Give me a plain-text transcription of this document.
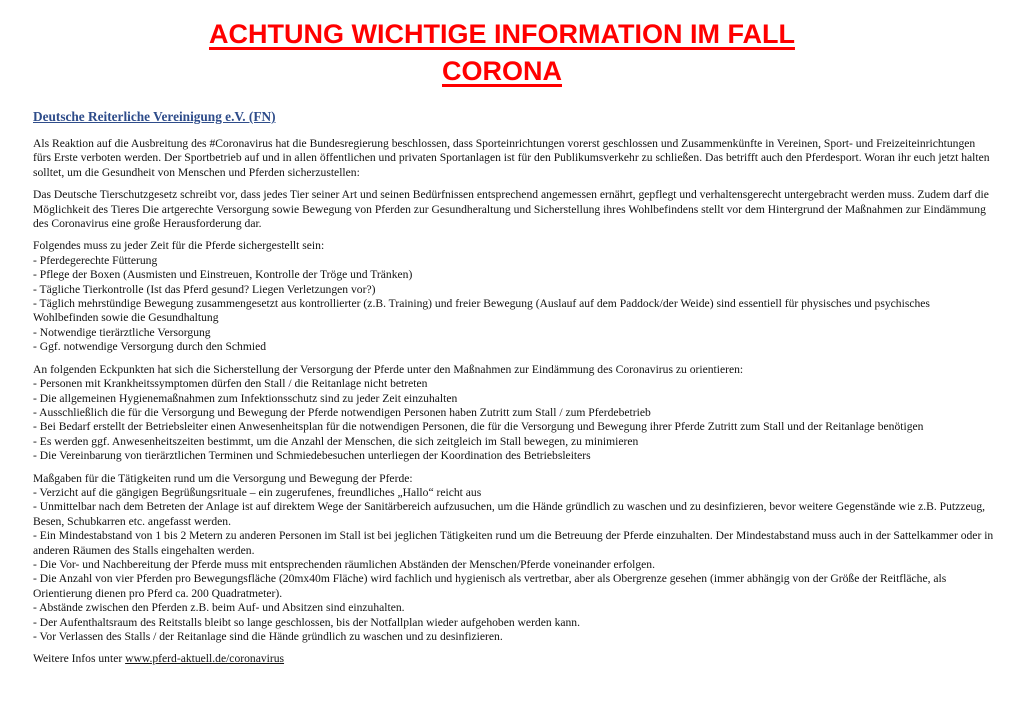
ACHTUNG WICHTIGE INFORMATION IM FALL
CORONA
Deutsche Reiterliche Vereinigung e.V. (FN)

Als Reaktion auf die Ausbreitung des #Coronavirus hat die Bundesregierung beschlossen, dass Sporteinrichtungen vorerst geschlossen und Zusammenkünfte in Vereinen, Sport- und Freizeiteinrichtungen fürs Erste verboten werden. Der Sportbetrieb auf und in allen öffentlichen und privaten Sportanlagen ist für den Publikumsverkehr zu schließen. Das betrifft auch den Pferdesport. Woran ihr euch jetzt halten solltet, um die Gesundheit von Menschen und Pferden sicherzustellen:

Das Deutsche Tierschutzgesetz schreibt vor, dass jedes Tier seiner Art und seinen Bedürfnissen entsprechend angemessen ernährt, gepflegt und verhaltensgerecht untergebracht werden muss. Zudem darf die Möglichkeit des Tieres Die artgerechte Versorgung sowie Bewegung von Pferden zur Gesundheraltung und Sicherstellung ihres Wohlbefindens stellt vor dem Hintergrund der Maßnahmen zur Eindämmung des Coronavirus eine große Herausforderung dar.

Folgendes muss zu jeder Zeit für die Pferde sichergestellt sein:
- Pferdegerechte Fütterung
- Pflege der Boxen (Ausmisten und Einstreuen, Kontrolle der Tröge und Tränken)
- Tägliche Tierkontrolle (Ist das Pferd gesund? Liegen Verletzungen vor?)
- Täglich mehrstündige Bewegung zusammengesetzt aus kontrollierter (z.B. Training) und freier Bewegung (Auslauf auf dem Paddock/der Weide) sind essentiell für physisches und psychisches Wohlbefinden sowie die Gesundhaltung
- Notwendige tierärztliche Versorgung
- Ggf. notwendige Versorgung durch den Schmied
An folgenden Eckpunkten hat sich die Sicherstellung der Versorgung der Pferde unter den Maßnahmen zur Eindämmung des Coronavirus zu orientieren:
- Personen mit Krankheitssymptomen dürfen den Stall / die Reitanlage nicht betreten
- Die allgemeinen Hygienemaßnahmen zum Infektionsschutz sind zu jeder Zeit einzuhalten
- Ausschließlich die für die Versorgung und Bewegung der Pferde notwendigen Personen haben Zutritt zum Stall / zum Pferdebetrieb
- Bei Bedarf erstellt der Betriebsleiter einen Anwesenheitsplan für die notwendigen Personen, die für die Versorgung und Bewegung ihrer Pferde Zutritt zum Stall und der Reitanlage benötigen
- Es werden ggf. Anwesenheitszeiten bestimmt, um die Anzahl der Menschen, die sich zeitgleich im Stall bewegen, zu minimieren
- Die Vereinbarung von tierärztlichen Terminen und Schmiedebesuchen unterliegen der Koordination des Betriebsleiters
Maßgaben für die Tätigkeiten rund um die Versorgung und Bewegung der Pferde:
- Verzicht auf die gängigen Begrüßungsrituale – ein zugerufenes, freundliches „Hallo“ reicht aus
- Unmittelbar nach dem Betreten der Anlage ist auf direktem Wege der Sanitärbereich aufzusuchen, um die Hände gründlich zu waschen und zu desinfizieren, bevor weitere Gegenstände wie z.B. Putzzeug, Besen, Schubkarren etc. angefasst werden.
- Ein Mindestabstand von 1 bis 2 Metern zu anderen Personen im Stall ist bei jeglichen Tätigkeiten rund um die Betreuung der Pferde einzuhalten. Der Mindestabstand muss auch in der Sattelkammer oder in anderen Räumen des Stalls eingehalten werden.
- Die Vor- und Nachbereitung der Pferde muss mit entsprechenden räumlichen Abständen der Menschen/Pferde voneinander erfolgen.
- Die Anzahl von vier Pferden pro Bewegungsfläche (20mx40m Fläche) wird fachlich und hygienisch als vertretbar, aber als Obergrenze gesehen (immer abhängig von der Größe der Reitfläche, als Orientierung dienen pro Pferd ca. 200 Quadratmeter).
- Abstände zwischen den Pferden z.B. beim Auf- und Absitzen sind einzuhalten.
- Der Aufenthaltsraum des Reitstalls bleibt so lange geschlossen, bis der Notfallplan wieder aufgehoben werden kann.
- Vor Verlassen des Stalls / der Reitanlage sind die Hände gründlich zu waschen und zu desinfizieren.
Weitere Infos unter www.pferd-aktuell.de/coronavirus
